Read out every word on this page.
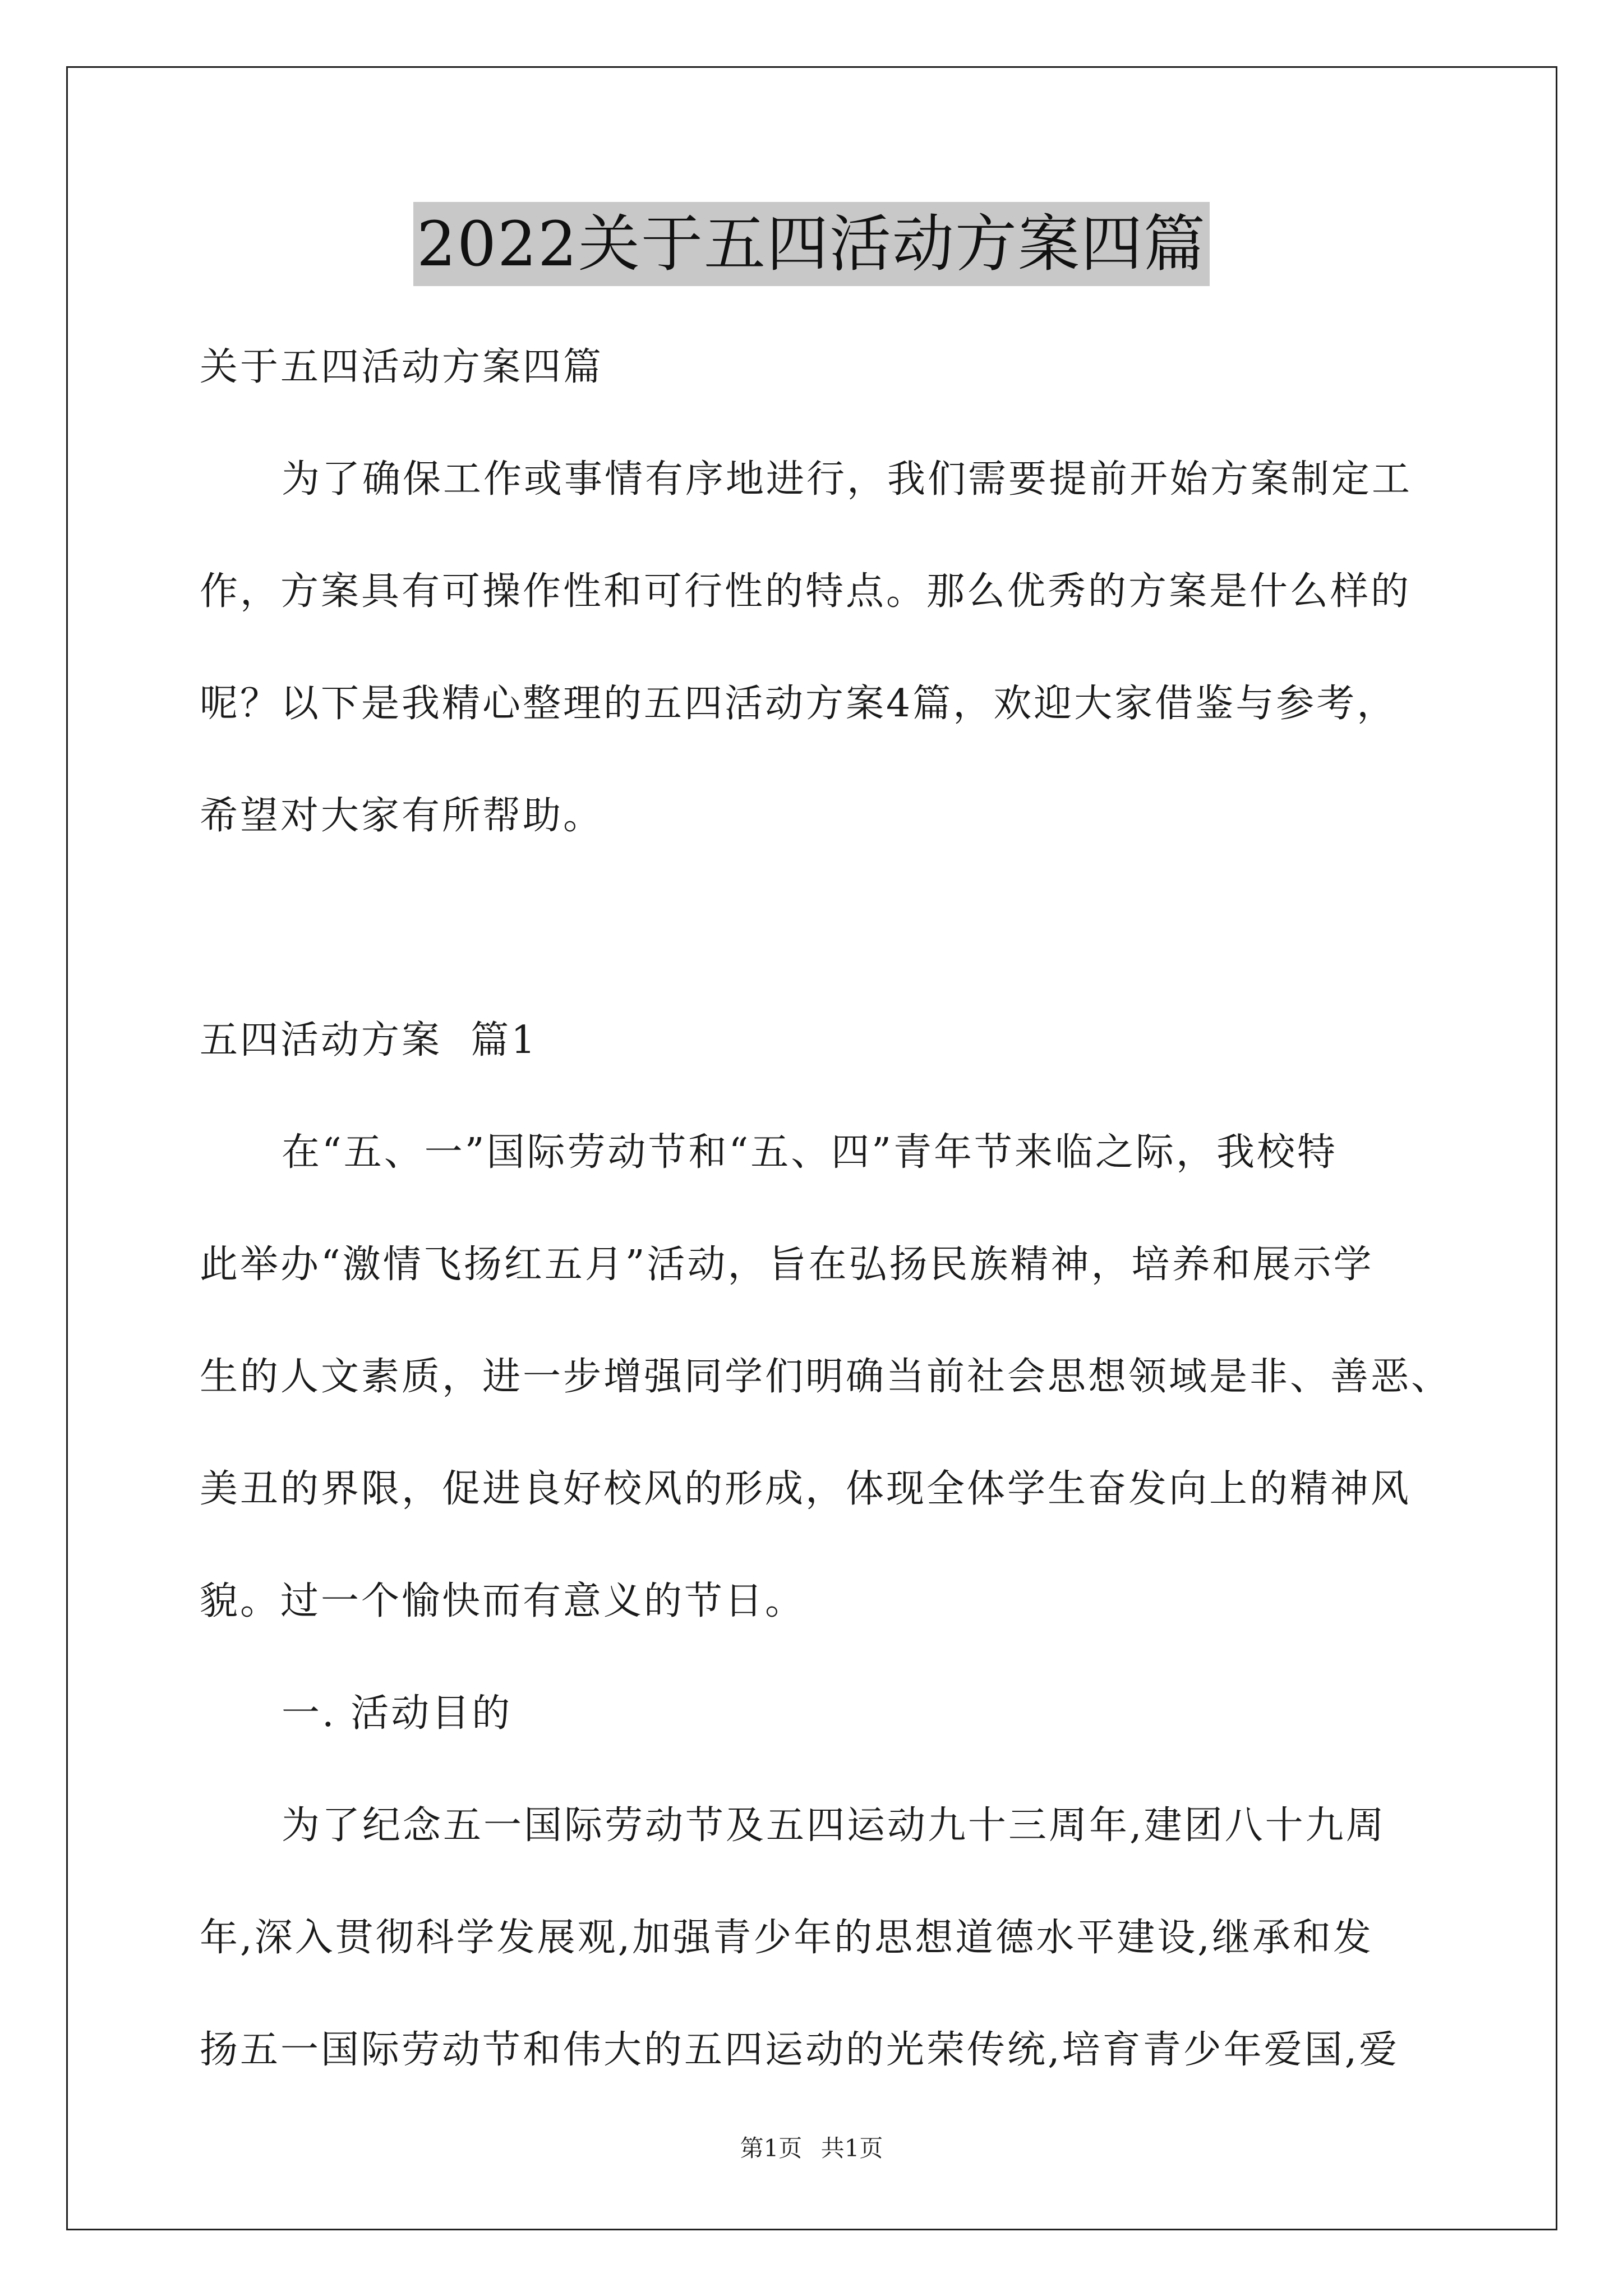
2022关于五四活动方案四篇
关于五四活动方案四篇
为了确保工作或事情有序地进行，我们需要提前开始方案制定工
作，方案具有可操作性和可行性的特点。那么优秀的方案是什么样的
呢？以下是我精心整理的五四活动方案4篇，欢迎大家借鉴与参考，
希望对大家有所帮助。
五四活动方案  篇1
在“五、一”国际劳动节和“五、四”青年节来临之际，我校特
此举办“激情飞扬红五月”活动，旨在弘扬民族精神，培养和展示学
生的人文素质，进一步增强同学们明确当前社会思想领域是非、善恶、
美丑的界限，促进良好校风的形成，体现全体学生奋发向上的精神风
貌。过一个愉快而有意义的节日。
一. 活动目的
为了纪念五一国际劳动节及五四运动九十三周年,建团八十九周
年,深入贯彻科学发展观,加强青少年的思想道德水平建设,继承和发
扬五一国际劳动节和伟大的五四运动的光荣传统,培育青少年爱国,爱
第1页 共1页
